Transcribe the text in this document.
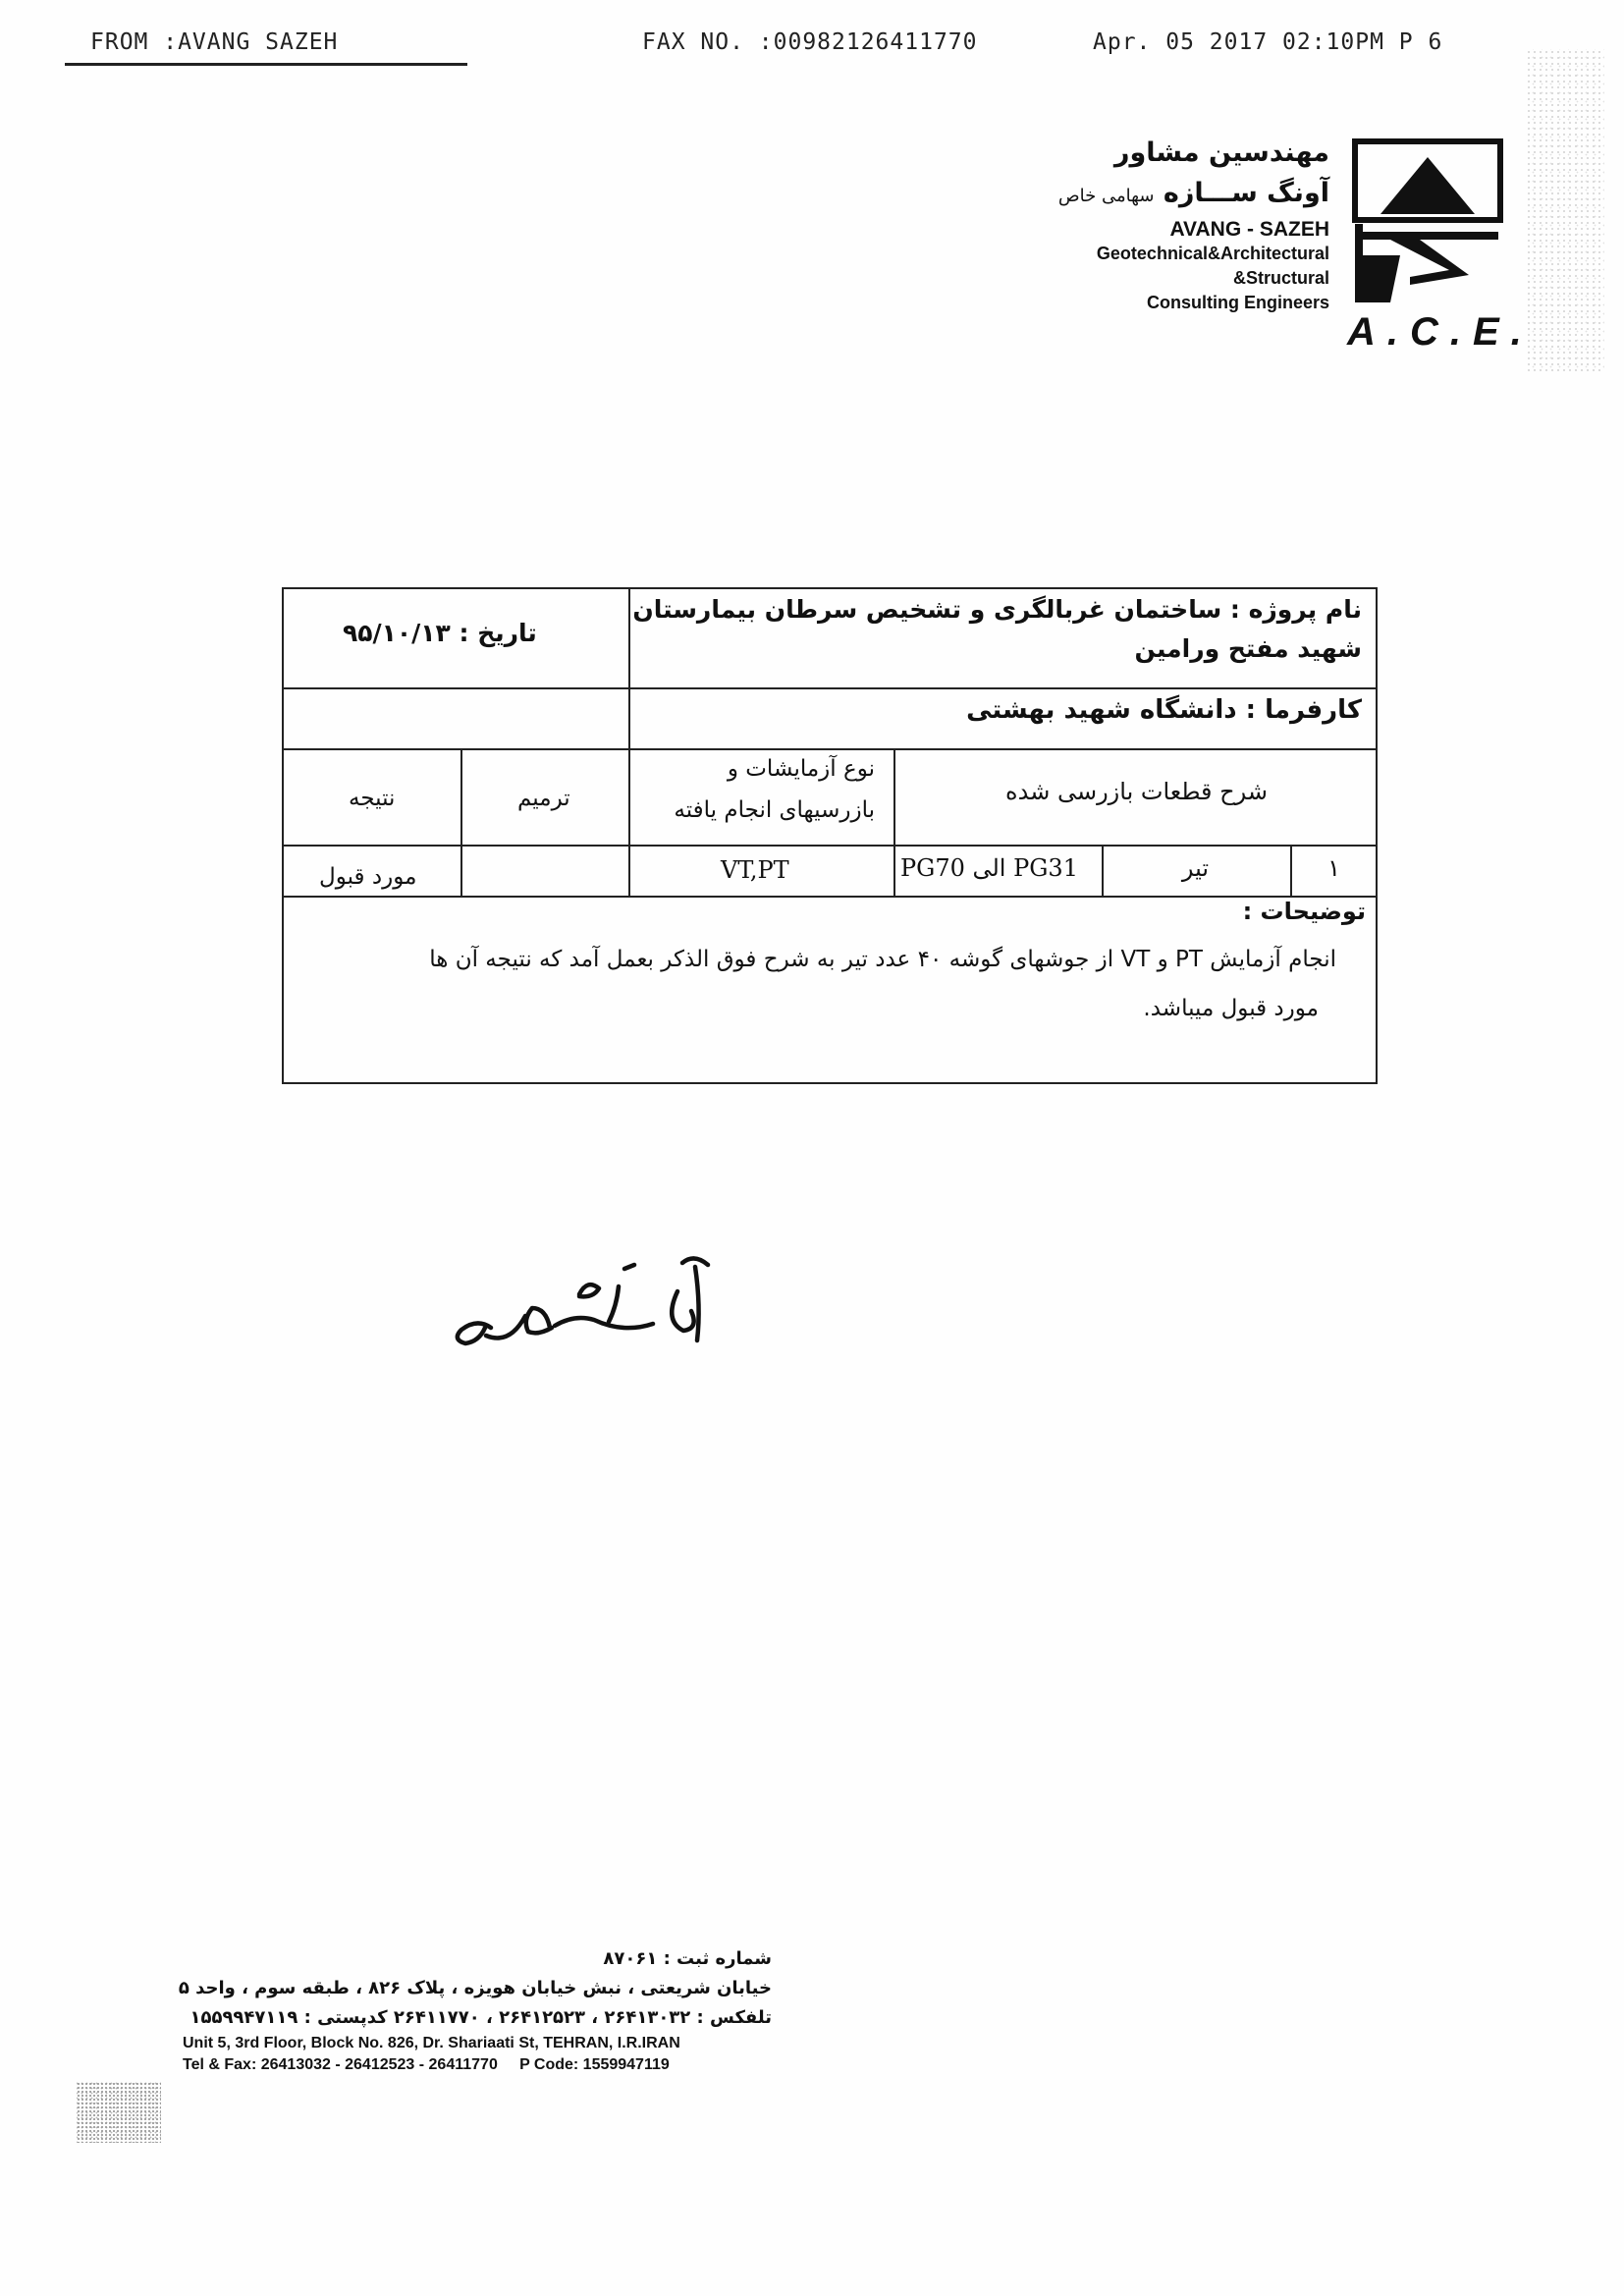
FROM :AVANG SAZEH	FAX NO. :00982126411770	Apr. 05 2017 02:10PM P 6
مهندسین مشاور
آونگ ســـازه سهامی خاص
AVANG - SAZEH
Geotechnical&Architectural
&Structural
Consulting Engineers
A.C.E.
نام پروژه : ساختمان غربالگری و تشخیص سرطان بیمارستان
شهید مفتح ورامین
تاریخ : ۹۵/۱۰/۱۳
کارفرما : دانشگاه شهید بهشتی
شرح قطعات بازرسی شده
نوع آزمایشات و
بازرسیهای انجام یافته
ترمیم
نتیجه
۱
تیر
PG31 الی PG70
VT,PT
مورد قبول
توضیحات :
انجام آزمایش PT و VT از جوشهای گوشه ۴۰ عدد تیر به شرح فوق الذکر بعمل آمد که نتیجه آن ها
مورد قبول میباشد.
شماره ثبت : ۸۷۰۶۱
خیابان شریعتی ، نبش خیابان هویزه ، پلاک ۸۲۶ ، طبقه سوم ، واحد ۵
تلفکس : ۲۶۴۱۳۰۳۲ ، ۲۶۴۱۲۵۲۳ ، ۲۶۴۱۱۷۷۰ کدپستی : ۱۵۵۹۹۴۷۱۱۹
Unit 5, 3rd Floor, Block No. 826, Dr. Shariaati St, TEHRAN, I.R.IRAN
Tel & Fax: 26413032 - 26412523 - 26411770     P Code: 1559947119
